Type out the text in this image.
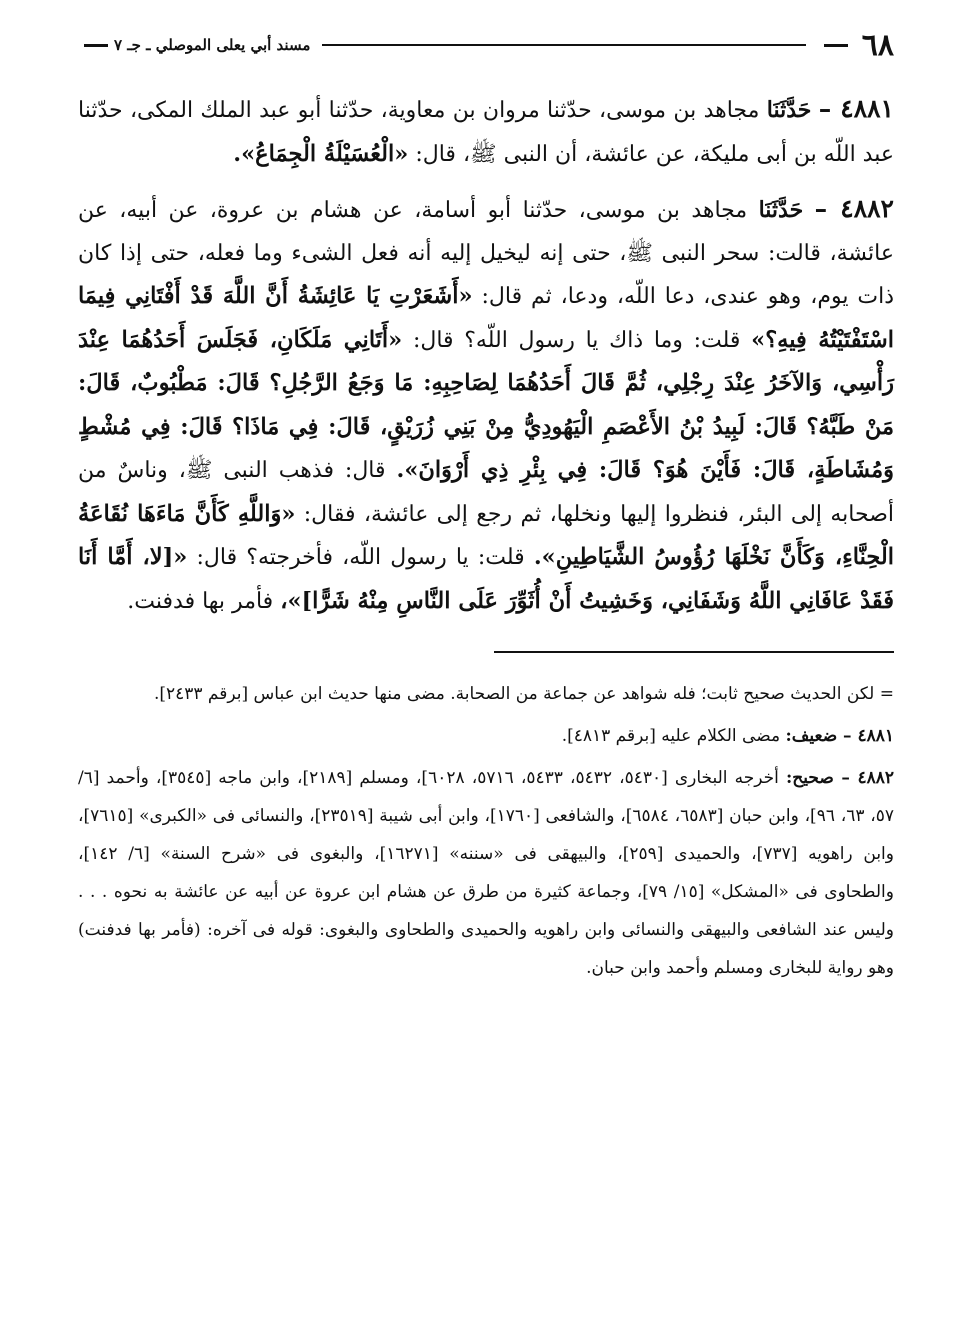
٦٨
مسند أبي يعلى الموصلي ـ جـ ٧

٤٨٨١ – حَدَّثَنَا مجاهد بن موسى، حدّثنا مروان بن معاوية، حدّثنا أبو عبد الملك المكى، حدّثنا عبد اللّه بن أبى مليكة، عن عائشة، أن النبى ﷺ، قال: «الْعُسَيْلَةُ الْجِمَاعُ».

٤٨٨٢ – حَدَّثَنَا مجاهد بن موسى، حدّثنا أبو أسامة، عن هشام بن عروة، عن أبيه، عن عائشة، قالت: سحر النبى ﷺ، حتى إنه ليخيل إليه أنه فعل الشىء وما فعله، حتى إذا كان ذات يوم، وهو عندى، دعا اللّه، ودعا، ثم قال: «أَشَعَرْتِ يَا عَائِشَةُ أَنَّ اللَّهَ قَدْ أَفْتَانِي فِيمَا اسْتَفْتَيْتُهُ فِيهِ؟» قلت: وما ذاك يا رسول اللّه؟ قال: «أَتَانِي مَلَكَانِ، فَجَلَسَ أَحَدُهُمَا عِنْدَ رَأْسِي، وَالآخَرُ عِنْدَ رِجْلِي، ثُمَّ قَالَ أَحَدُهُمَا لِصَاحِبِهِ: مَا وَجَعُ الرَّجُلِ؟ قَالَ: مَطْبُوبٌ، قَالَ: مَنْ طَبَّهُ؟ قَالَ: لَبِيدُ بْنُ الأَعْصَمِ الْيَهُودِيُّ مِنْ بَنِي زُرَيْقٍ، قَالَ: فِي مَاذَا؟ قَالَ: فِي مُشْطٍ وَمُشَاطَةٍ، قَالَ: فَأَيْنَ هُوَ؟ قَالَ: فِي بِئْرِ ذِي أَرْوَانَ». قال: فذهب النبى ﷺ، وناسٌ من أصحابه إلى البئر، فنظروا إليها ونخلها، ثم رجع إلى عائشة، فقال: «وَاللَّهِ كَأَنَّ مَاءَهَا نُقَاعَةُ الْحِنَّاءِ، وَكَأَنَّ نَخْلَهَا رُؤُوسُ الشَّيَاطِينِ». قلت: يا رسول اللّه، فأخرجته؟ قال: «[لا، أَمَّا أَنَا فَقَدْ عَافَانِي اللَّهُ وَشَفَانِي، وَخَشِيتُ أَنْ أُثَوِّرَ عَلَى النَّاسِ مِنْهُ شَرًّا]»، فأمر بها فدفنت.

= لكن الحديث صحيح ثابت؛ فله شواهد عن جماعة من الصحابة. مضى منها حديث ابن عباس [برقم ٢٤٣٣].

٤٨٨١ – ضعيف: مضى الكلام عليه [برقم ٤٨١٣].

٤٨٨٢ – صحيح: أخرجه البخارى [٥٤٣٠، ٥٤٣٢، ٥٤٣٣، ٥٧١٦، ٦٠٢٨]، ومسلم [٢١٨٩]، وابن ماجه [٣٥٤٥]، وأحمد [٦/ ٥٧، ٦٣، ٩٦]، وابن حبان [٦٥٨٣، ٦٥٨٤]، والشافعى [١٧٦٠]، وابن أبى شيبة [٢٣٥١٩]، والنسائى فى «الكبرى» [٧٦١٥]، وابن راهويه [٧٣٧]، والحميدى [٢٥٩]، والبيهقى فى «سننه» [١٦٢٧١]، والبغوى فى «شرح السنة» [٦/ ١٤٢]، والطحاوى فى «المشكل» [١٥/ ٧٩]، وجماعة كثيرة من طرق عن هشام ابن عروة عن أبيه عن عائشة به نحوه . . . وليس عند الشافعى والبيهقى والنسائى وابن راهويه والحميدى والطحاوى والبغوى: قوله فى آخره: (فأمر بها فدفنت) وهو رواية للبخارى ومسلم وأحمد وابن حبان.
